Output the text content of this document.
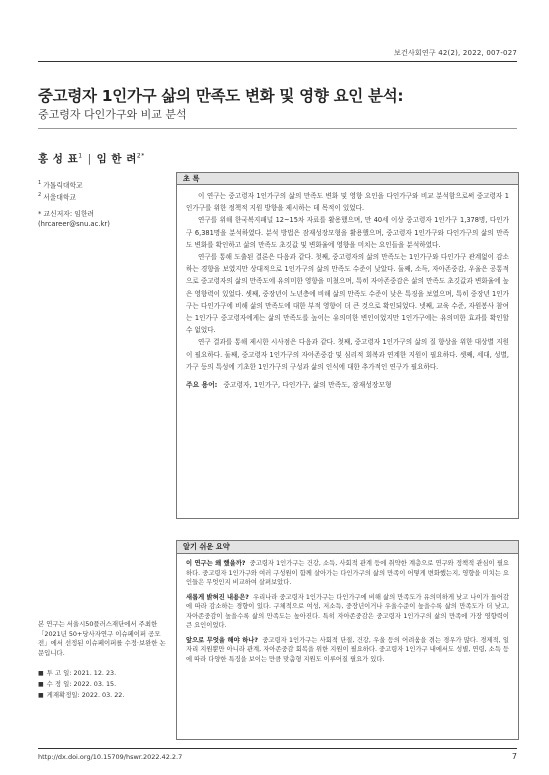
보건사회연구 42(2), 2022, 007-027
중고령자 1인가구 삶의 만족도 변화 및 영향 요인 분석:
중고령자 다인가구와 비교 분석
홍 성 표$^1$ | 임 한 려$^{2*}$
$^1$ 가톨릭대학교
$^2$ 서울대학교
* 교신저자: 임한려 (hrcareer@snu.ac.kr)
초 록

이 연구는 중고령자 1인가구의 삶의 만족도 변화 및 영향 요인을 다인가구와 비교 분석함으로써 중고령자 1인가구를 위한 정책적 지원 방향을 제시하는 데 목적이 있었다.

연구를 위해 한국복지패널 12~15차 자료를 활용했으며, 만 40세 이상 중고령자 1인가구 1,378명, 다인가구 6,381명을 분석하였다. 분석 방법은 잠재성장모형을 활용했으며, 중고령자 1인가구와 다인가구의 삶의 만족도 변화를 확인하고 삶의 만족도 초깃값 및 변화율에 영향을 미치는 요인들을 분석하였다.

연구를 통해 도출된 결론은 다음과 같다. 첫째, 중고령자의 삶의 만족도는 1인가구와 다인가구 관계없이 감소하는 경향을 보였지만 상대적으로 1인가구의 삶의 만족도 수준이 낮았다. 둘째, 소득, 자아존중감, 우울은 공통적으로 중고령자의 삶의 만족도에 유의미한 영향을 미쳤으며, 특히 자아존중감은 삶의 만족도 초깃값과 변화율에 높은 영향력이 있었다. 셋째, 중장년이 노년층에 비해 삶의 만족도 수준이 낮은 특징을 보였으며, 특히 중장년 1인가구는 다인가구에 비해 삶의 만족도에 대한 부적 영향이 더 큰 것으로 확인되었다. 넷째, 교육 수준, 자원봉사 참여는 1인가구 중고령자에게는 삶의 만족도를 높이는 유의미한 변인이었지만 1인가구에는 유의미한 효과를 확인할 수 없었다.

연구 결과를 통해 제시한 시사점은 다음과 같다. 첫째, 중고령자 1인가구의 삶의 질 향상을 위한 대상별 지원이 필요하다. 둘째, 중고령자 1인가구의 자아존중감 및 심리적 회복과 연계한 지원이 필요하다. 셋째, 세대, 성별, 가구 등의 특성에 기초한 1인가구의 구성과 삶의 인식에 대한 추가적인 연구가 필요하다.

주요 용어: 중고령자, 1인가구, 다인가구, 삶의 만족도, 잠재성장모형
알기 쉬운 요약

이 연구는 왜 했을까? 중고령자 1인가구는 건강, 소득, 사회적 관계 등에 취약한 계층으로 연구와 정책적 관심이 필요하다. 중고령자 1인가구와 여러 구성원이 함께 살아가는 다인가구의 삶의 만족이 어떻게 변화했는지, 영향을 미치는 요인들은 무엇인지 비교하여 살펴보았다.

새롭게 밝혀진 내용은? 우리나라 중고령자 1인가구는 다인가구에 비해 삶의 만족도가 유의미하게 낮고 나이가 들어감에 따라 감소하는 경향이 있다. 구체적으로 여성, 저소득, 중장년이거나 우울수준이 높을수록 삶의 만족도가 더 낮고, 자아존중감이 높을수록 삶의 만족도는 높아진다. 특히 자아존중감은 중고령자 1인가구의 삶의 만족에 가장 영향력이 큰 요인이었다.

앞으로 무엇을 해야 하나? 중고령자 1인가구는 사회적 단절, 건강, 우울 등의 어려움을 겪는 경우가 많다. 경제적, 일자리 지원뿐만 아니라 관계, 자아존중감 회복을 위한 지원이 필요하다. 중고령자 1인가구 내에서도 성별, 연령, 소득 등에 따라 다양한 특징을 보이는 만큼 맞춤형 지원도 이루어질 필요가 있다.

본 연구는 서울시50플러스재단에서 주최한 「2021년 50+당사자연구 이슈페이퍼 공모전」에서 선정된 이슈페이퍼를 수정·보완한 논문입니다.
■ 투 고 일: 2021. 12. 23.
■ 수 정 일: 2022. 03. 15.
■ 게재확정일: 2022. 03. 22.
http://dx.doi.org/10.15709/hswr.2022.42.2.7	7
